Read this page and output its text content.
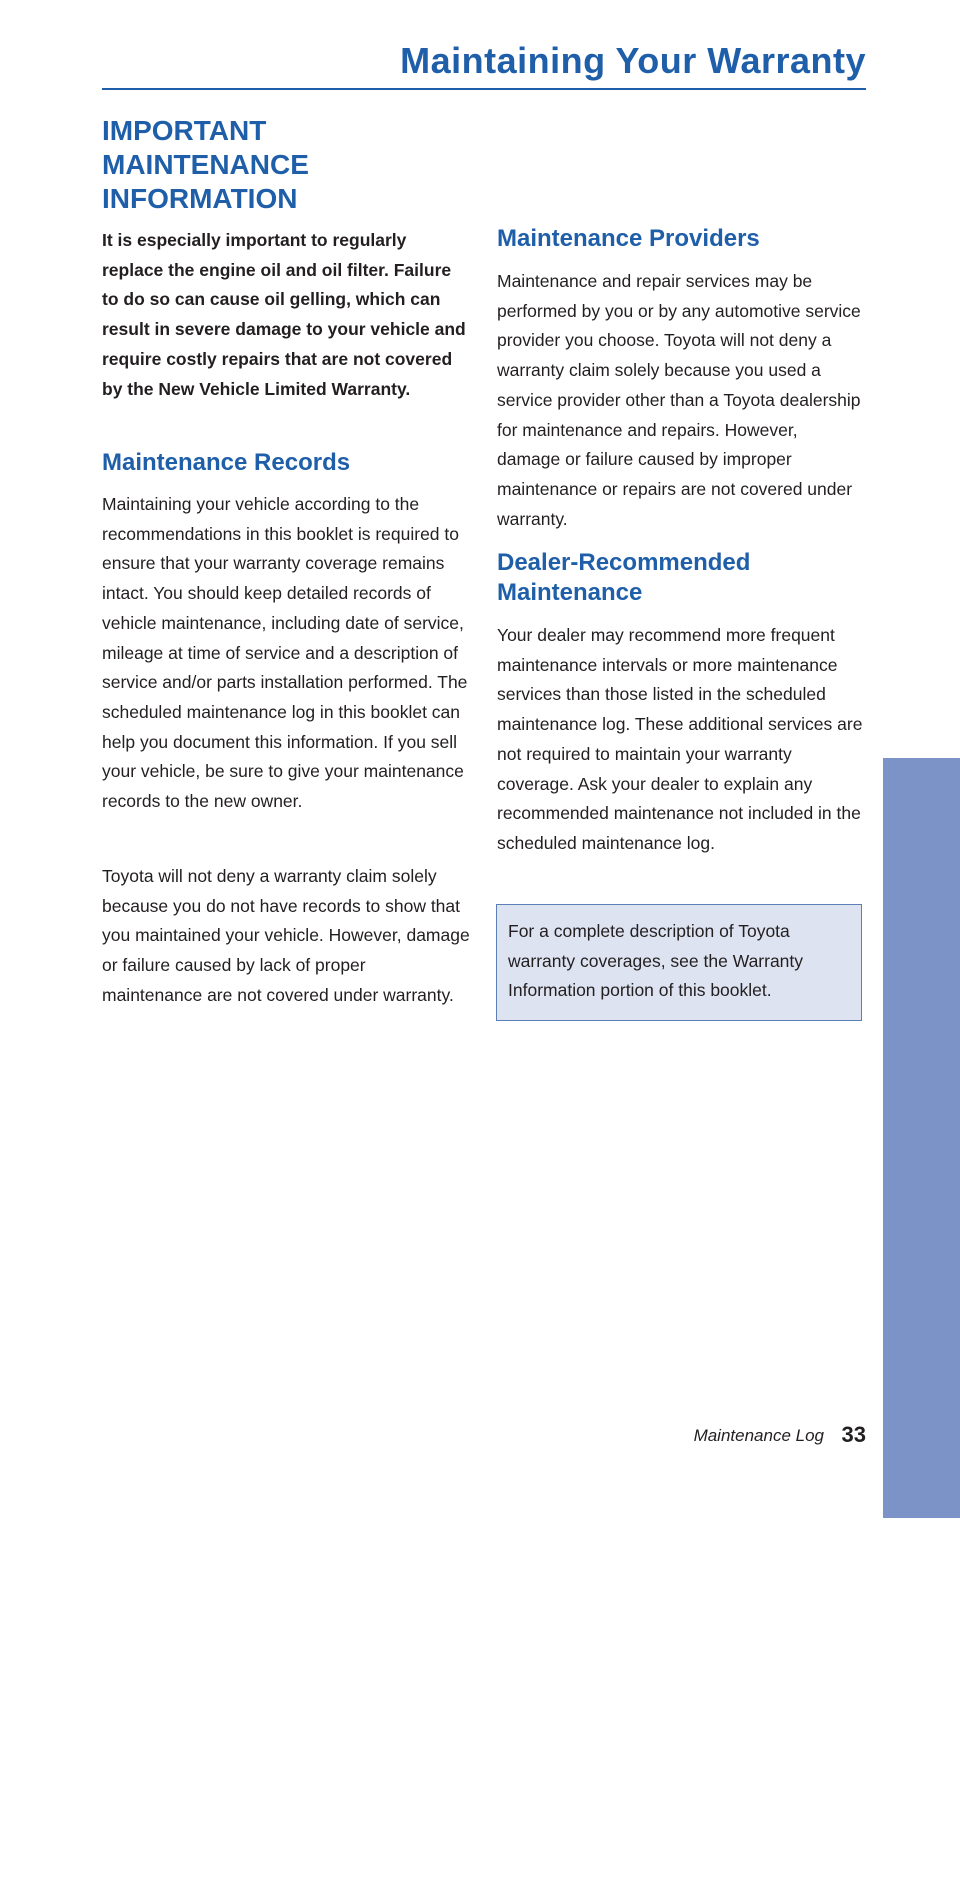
Maintaining Your Warranty
IMPORTANT
MAINTENANCE
INFORMATION

It is especially important to regularly replace the engine oil and oil filter. Failure to do so can cause oil gelling, which can result in severe damage to your vehicle and require costly repairs that are not covered by the New Vehicle Limited Warranty.

Maintenance Records

Maintaining your vehicle according to the recommendations in this booklet is required to ensure that your warranty coverage remains intact. You should keep detailed records of vehicle maintenance, including date of service, mileage at time of service and a description of service and/or parts installation performed. The scheduled maintenance log in this booklet can help you document this information. If you sell your vehicle, be sure to give your maintenance records to the new owner.

Toyota will not deny a warranty claim solely because you do not have records to show that you maintained your vehicle. However, damage or failure caused by lack of proper maintenance are not covered under warranty.

Maintenance Providers

Maintenance and repair services may be performed by you or by any automotive service provider you choose. Toyota will not deny a warranty claim solely because you used a service provider other than a Toyota dealership for maintenance and repairs. However, damage or failure caused by improper maintenance or repairs are not covered under warranty.

Dealer-Recommended
Maintenance

Your dealer may recommend more frequent maintenance intervals or more maintenance services than those listed in the scheduled maintenance log. These additional services are not required to maintain your warranty coverage. Ask your dealer to explain any recommended maintenance not included in the scheduled maintenance log.

For a complete description of Toyota warranty coverages, see the Warranty Information portion of this booklet.

MAINTENANCE
Maintenance Log 33
